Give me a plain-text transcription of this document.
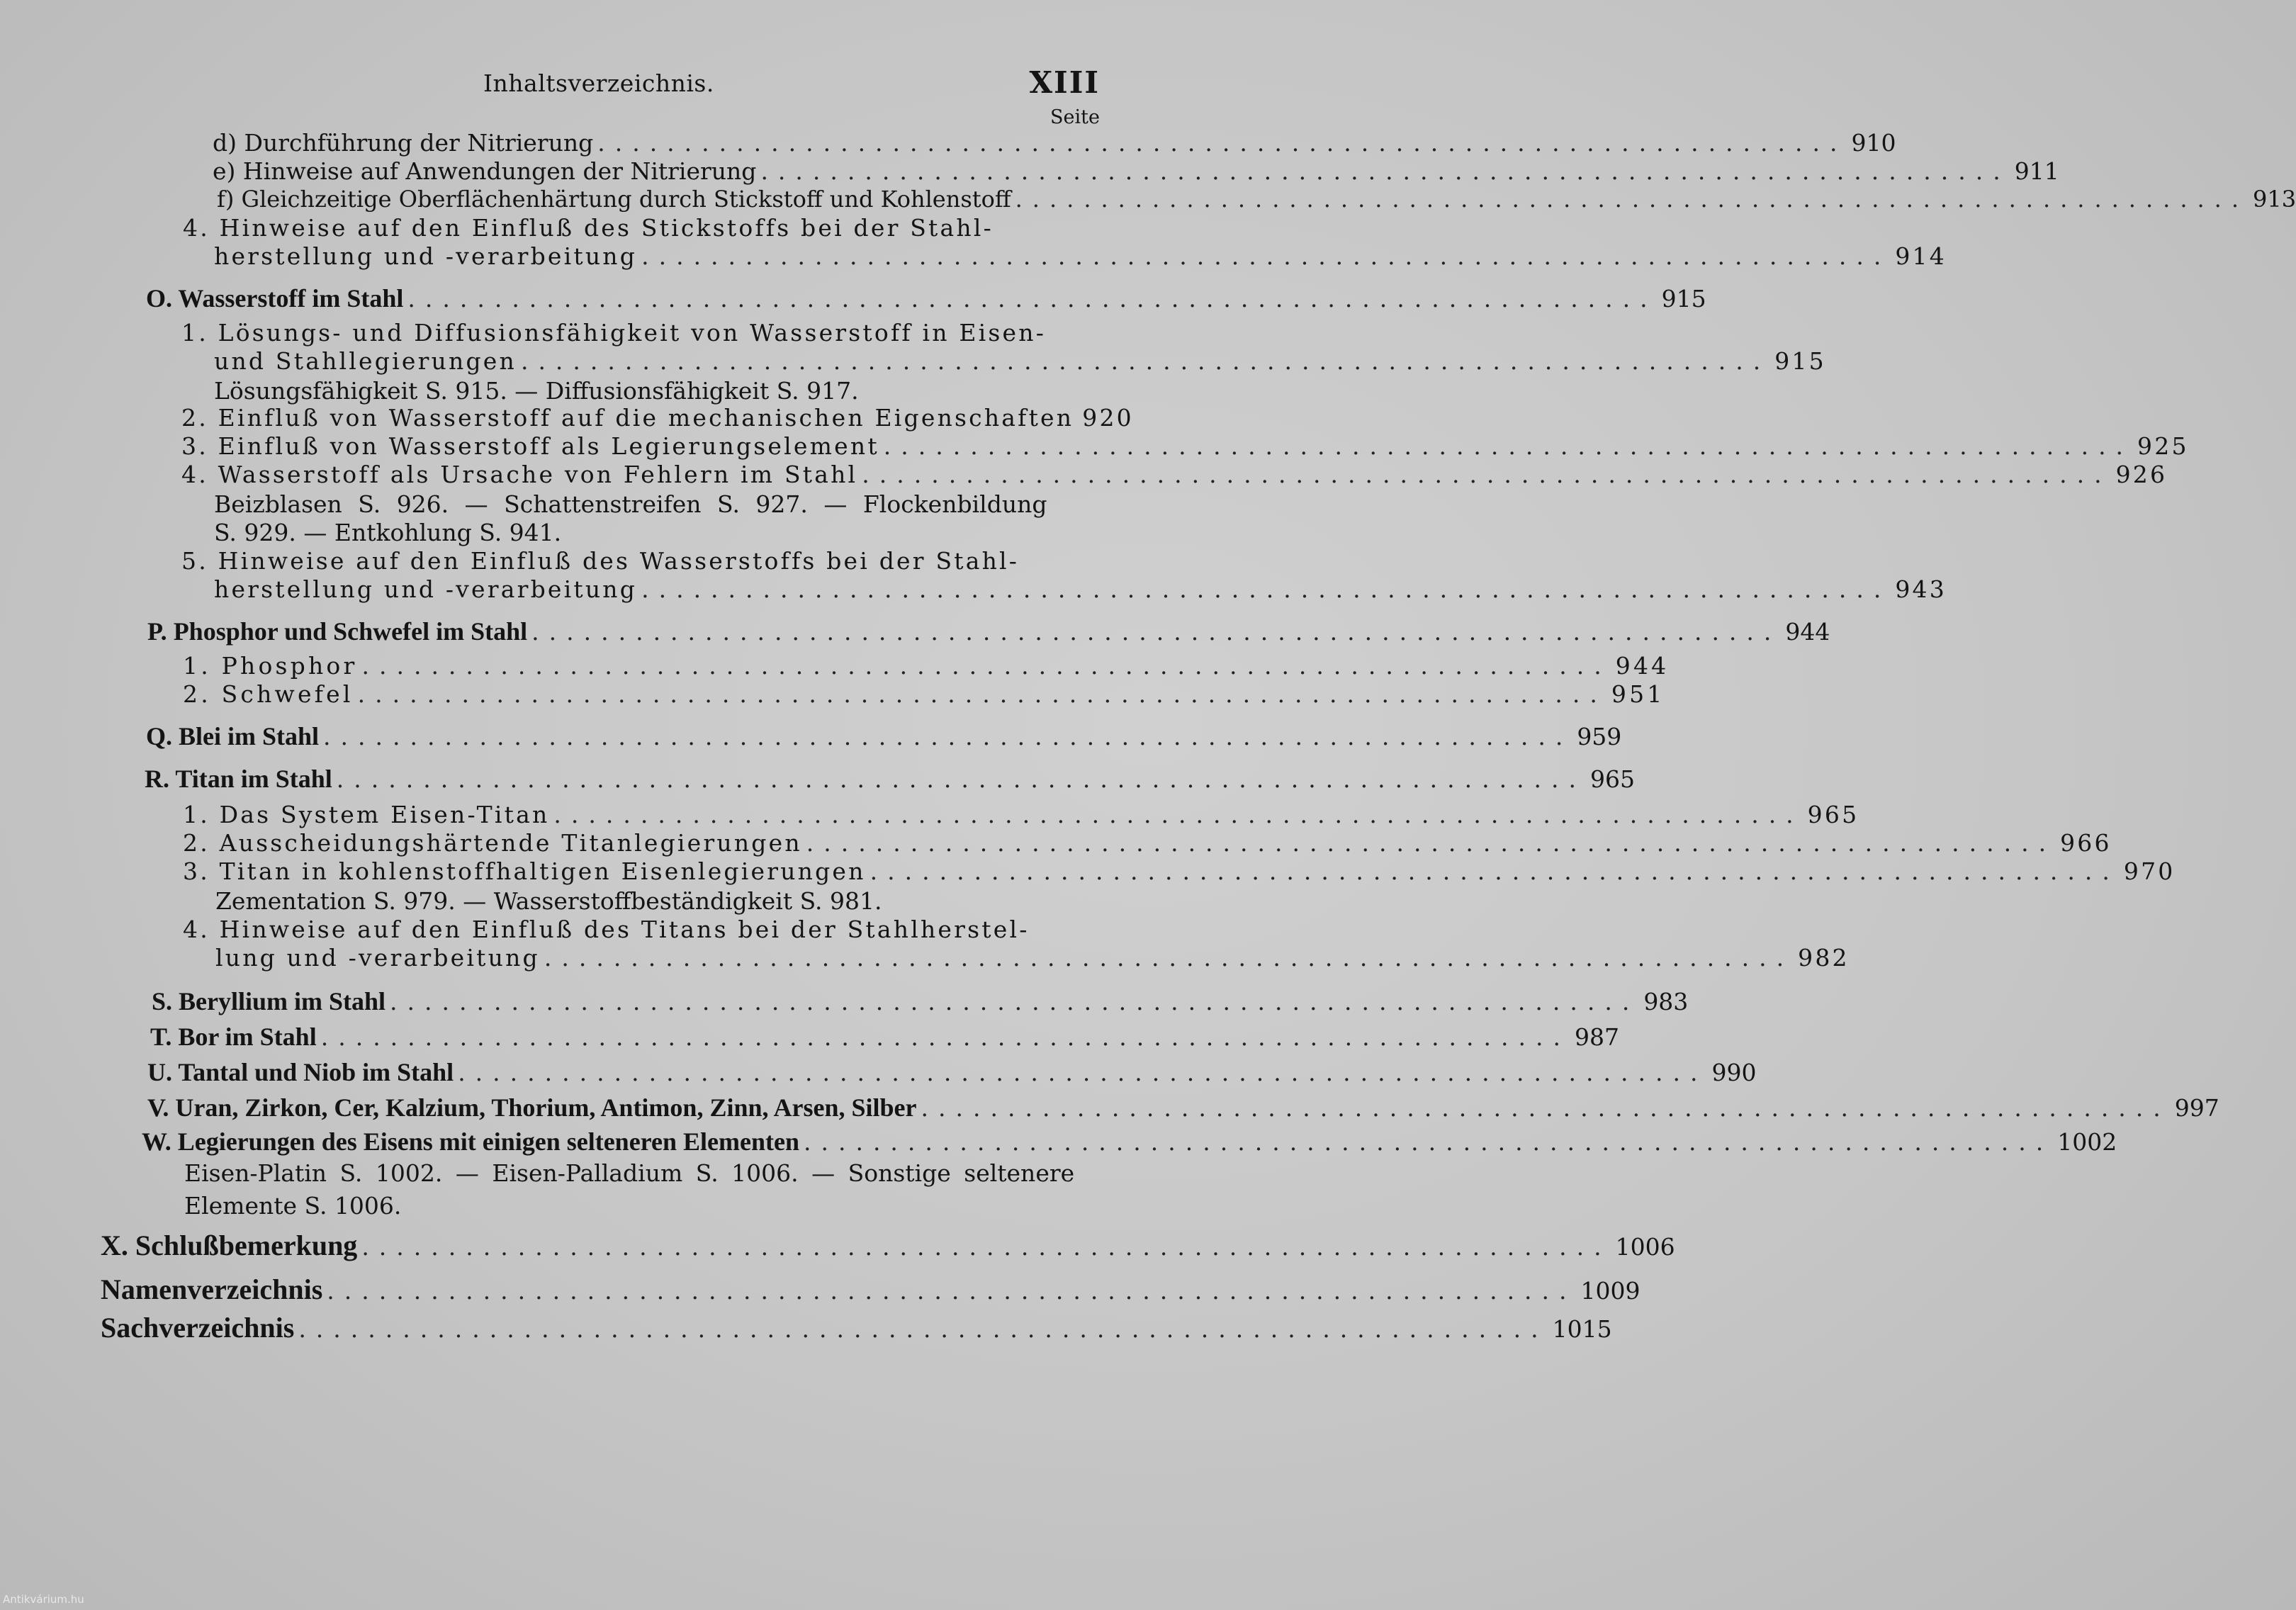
Inhaltsverzeichnis.	XIII
Seite
d) Durchführung der Nitrierung ........................................................................ 910
e) Hinweise auf Anwendungen der Nitrierung ........................................................................ 911
f) Gleichzeitige Oberflächenhärtung durch Stickstoff und Kohlenstoff ........................................................................ 913
4. Hinweise auf den Einfluß des Stickstoffs bei der Stahl-
herstellung und -verarbeitung ........................................................................ 914
O. Wasserstoff im Stahl ........................................................................ 915
1. Lösungs- und Diffusionsfähigkeit von Wasserstoff in Eisen-
und Stahllegierungen ........................................................................ 915
Lösungsfähigkeit S. 915. — Diffusionsfähigkeit S. 917.
2. Einfluß von Wasserstoff auf die mechanischen Eigenschaften 920
3. Einfluß von Wasserstoff als Legierungselement ........................................................................ 925
4. Wasserstoff als Ursache von Fehlern im Stahl ........................................................................ 926
Beizblasen S. 926. — Schattenstreifen S. 927. — Flockenbildung
S. 929. — Entkohlung S. 941.
5. Hinweise auf den Einfluß des Wasserstoffs bei der Stahl-
herstellung und -verarbeitung ........................................................................ 943
P. Phosphor und Schwefel im Stahl ........................................................................ 944
1. Phosphor ........................................................................ 944
2. Schwefel ........................................................................ 951
Q. Blei im Stahl ........................................................................ 959
R. Titan im Stahl ........................................................................ 965
1. Das System Eisen-Titan ........................................................................ 965
2. Ausscheidungshärtende Titanlegierungen ........................................................................ 966
3. Titan in kohlenstoffhaltigen Eisenlegierungen ........................................................................ 970
Zementation S. 979. — Wasserstoffbeständigkeit S. 981.
4. Hinweise auf den Einfluß des Titans bei der Stahlherstel-
lung und -verarbeitung ........................................................................ 982
S. Beryllium im Stahl ........................................................................ 983
T. Bor im Stahl ........................................................................ 987
U. Tantal und Niob im Stahl ........................................................................ 990
V. Uran, Zirkon, Cer, Kalzium, Thorium, Antimon, Zinn, Arsen, Silber ........................................................................ 997
W. Legierungen des Eisens mit einigen selteneren Elementen ........................................................................ 1002
Eisen-Platin S. 1002. — Eisen-Palladium S. 1006. — Sonstige seltenere
Elemente S. 1006.
X. Schlußbemerkung ........................................................................ 1006
Namenverzeichnis ........................................................................ 1009
Sachverzeichnis ........................................................................ 1015
Antikvárium.hu
